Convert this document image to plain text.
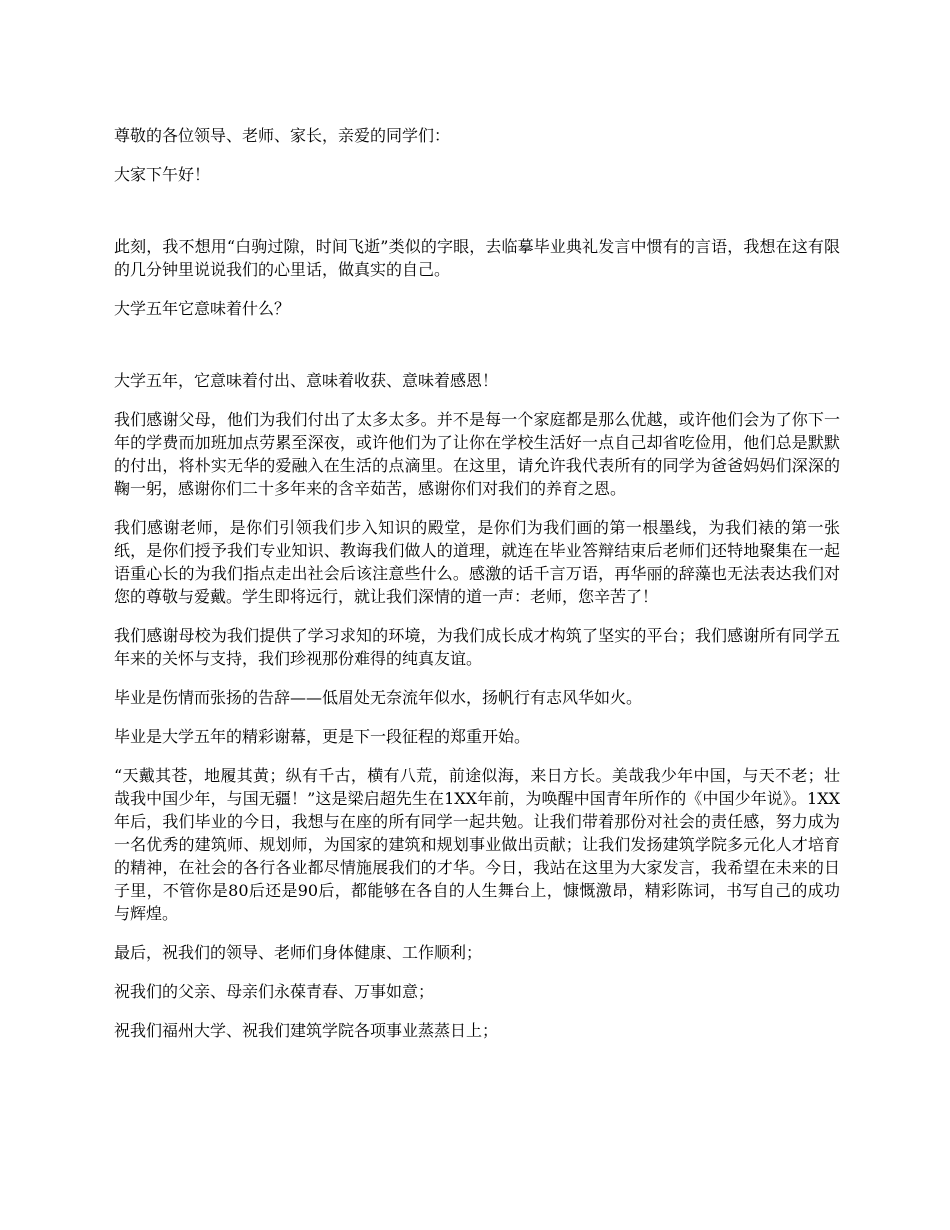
尊敬的各位领导、老师、家长，亲爱的同学们：

大家下午好！

此刻，我不想用“白驹过隙，时间飞逝”类似的字眼，去临摹毕业典礼发言中惯有的言语，我想在这有限的几分钟里说说我们的心里话，做真实的自己。

大学五年它意味着什么？

大学五年，它意味着付出、意味着收获、意味着感恩！

我们感谢父母，他们为我们付出了太多太多。并不是每一个家庭都是那么优越，或许他们会为了你下一年的学费而加班加点劳累至深夜，或许他们为了让你在学校生活好一点自己却省吃俭用，他们总是默默的付出，将朴实无华的爱融入在生活的点滴里。在这里，请允许我代表所有的同学为爸爸妈妈们深深的鞠一躬，感谢你们二十多年来的含辛茹苦，感谢你们对我们的养育之恩。

我们感谢老师，是你们引领我们步入知识的殿堂，是你们为我们画的第一根墨线，为我们裱的第一张纸，是你们授予我们专业知识、教诲我们做人的道理，就连在毕业答辩结束后老师们还特地聚集在一起语重心长的为我们指点走出社会后该注意些什么。感激的话千言万语，再华丽的辞藻也无法表达我们对您的尊敬与爱戴。学生即将远行，就让我们深情的道一声：老师，您辛苦了！

我们感谢母校为我们提供了学习求知的环境，为我们成长成才构筑了坚实的平台；我们感谢所有同学五年来的关怀与支持，我们珍视那份难得的纯真友谊。

毕业是伤情而张扬的告辞——低眉处无奈流年似水，扬帆行有志风华如火。

毕业是大学五年的精彩谢幕，更是下一段征程的郑重开始。

“天戴其苍，地履其黄；纵有千古，横有八荒，前途似海，来日方长。美哉我少年中国，与天不老；壮哉我中国少年，与国无疆！”这是梁启超先生在1XX年前，为唤醒中国青年所作的《中国少年说》。1XX年后，我们毕业的今日，我想与在座的所有同学一起共勉。让我们带着那份对社会的责任感，努力成为一名优秀的建筑师、规划师，为国家的建筑和规划事业做出贡献；让我们发扬建筑学院多元化人才培育的精神，在社会的各行各业都尽情施展我们的才华。今日，我站在这里为大家发言，我希望在未来的日子里，不管你是80后还是90后，都能够在各自的人生舞台上，慷慨激昂，精彩陈词，书写自己的成功与辉煌。

最后，祝我们的领导、老师们身体健康、工作顺利；

祝我们的父亲、母亲们永葆青春、万事如意；

祝我们福州大学、祝我们建筑学院各项事业蒸蒸日上；
